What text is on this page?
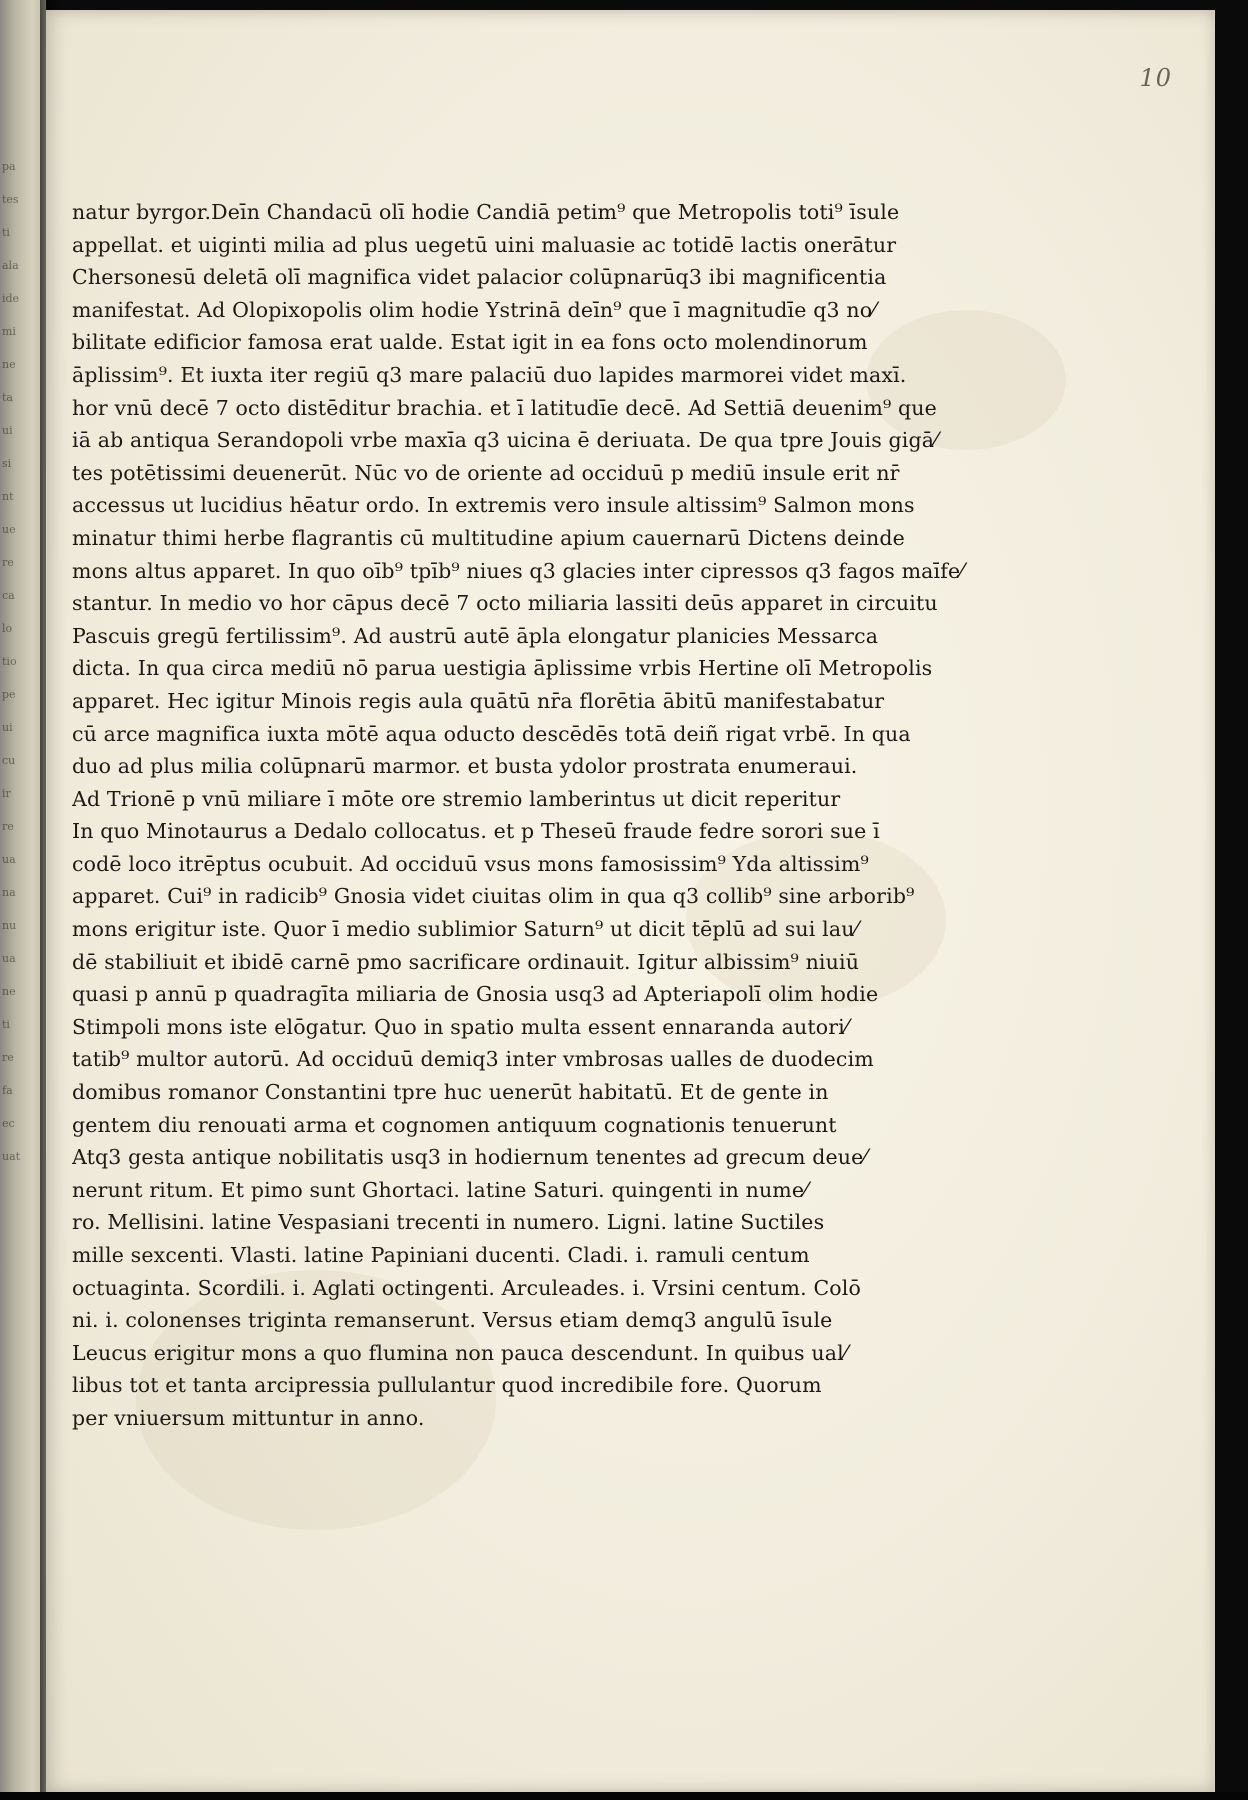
pa
tes
ti
ala
ide
mi
ne
ta
ui
si
nt
ue
re
ca
lo
tio
pe
ui
cu
ir
re
ua
na
nu
ua
ne
ti
re
fa
ec
uat
10
natur byrgor.Deīn Chandacū olī hodie Candiā petim⁹ que Metropolis toti⁹ īsule
appellat. et uiginti milia ad plus uegetū uini maluasie ac totidē lactis onerātur
Chersonesū deletā olī magnifica videt palacior colūpnarūq3 ibi magnificentia
manifestat. Ad Olopixopolis olim hodie Ystrinā deīn⁹ que ī magnitudīe q3 no⁄
bilitate edificior famosa erat ualde. Estat igit in ea fons octo molendinorum
āplissim⁹. Et iuxta iter regiū q3 mare palaciū duo lapides marmorei videt maxī.
hor vnū decē 7 octo distēditur brachia. et ī latitudīe decē. Ad Settiā deuenim⁹ que
iā ab antiqua Serandopoli vrbe maxīa q3 uicina ē deriuata. De qua tpre Jouis gigā⁄
tes potētissimi deuenerūt. Nūc vo de oriente ad occiduū p mediū insule erit nr̄
accessus ut lucidius hēatur ordo. In extremis vero insule altissim⁹ Salmon mons
minatur thimi herbe flagrantis cū multitudine apium cauernarū Dictens deinde
mons altus apparet. In quo oīb⁹ tpīb⁹ niues q3 glacies inter cipressos q3 fagos maīfe⁄
stantur. In medio vo hor cāpus decē 7 octo miliaria lassiti deūs apparet in circuitu
Pascuis gregū fertilissim⁹. Ad austrū autē āpla elongatur planicies Messarca
dicta. In qua circa mediū nō parua uestigia āplissime vrbis Hertine olī Metropolis
apparet. Hec igitur Minois regis aula quātū nr̄a florētia ābitū manifestabatur
cū arce magnifica iuxta mōtē aqua oducto descēdēs totā deiñ rigat vrbē. In qua
duo ad plus milia colūpnarū marmor. et busta ydolor prostrata enumeraui.
Ad Trionē p vnū miliare ī mōte ore stremio lamberintus ut dicit reperitur
In quo Minotaurus a Dedalo collocatus. et p Theseū fraude fedre sorori sue ī
codē loco itrēptus ocubuit. Ad occiduū vsus mons famosissim⁹ Yda altissim⁹
apparet. Cui⁹ in radicib⁹ Gnosia videt ciuitas olim in qua q3 collib⁹ sine arborib⁹
mons erigitur iste. Quor ī medio sublimior Saturn⁹ ut dicit tēplū ad sui lau⁄
dē stabiliuit et ibidē carnē pmo sacrificare ordinauit. Igitur albissim⁹ niuiū
quasi p annū p quadragīta miliaria de Gnosia usq3 ad Apteriapolī olim hodie
Stimpoli mons iste elōgatur. Quo in spatio multa essent ennaranda autori⁄
tatib⁹ multor autorū. Ad occiduū demiq3 inter vmbrosas ualles de duodecim
domibus romanor Constantini tpre huc uenerūt habitatū. Et de gente in
gentem diu renouati arma et cognomen antiquum cognationis tenuerunt
Atq3 gesta antique nobilitatis usq3 in hodiernum tenentes ad grecum deue⁄
nerunt ritum. Et pimo sunt Ghortaci. latine Saturi. quingenti in nume⁄
ro. Mellisini. latine Vespasiani trecenti in numero. Ligni. latine Suctiles
mille sexcenti. Vlasti. latine Papiniani ducenti. Cladi. i. ramuli centum
octuaginta. Scordili. i. Aglati octingenti. Arculeades. i. Vrsini centum. Colō
ni. i. colonenses triginta remanserunt. Versus etiam demq3 angulū īsule
Leucus erigitur mons a quo flumina non pauca descendunt. In quibus ual⁄
libus tot et tanta arcipressia pullulantur quod incredibile fore. Quorum
per vniuersum mittuntur in anno.
